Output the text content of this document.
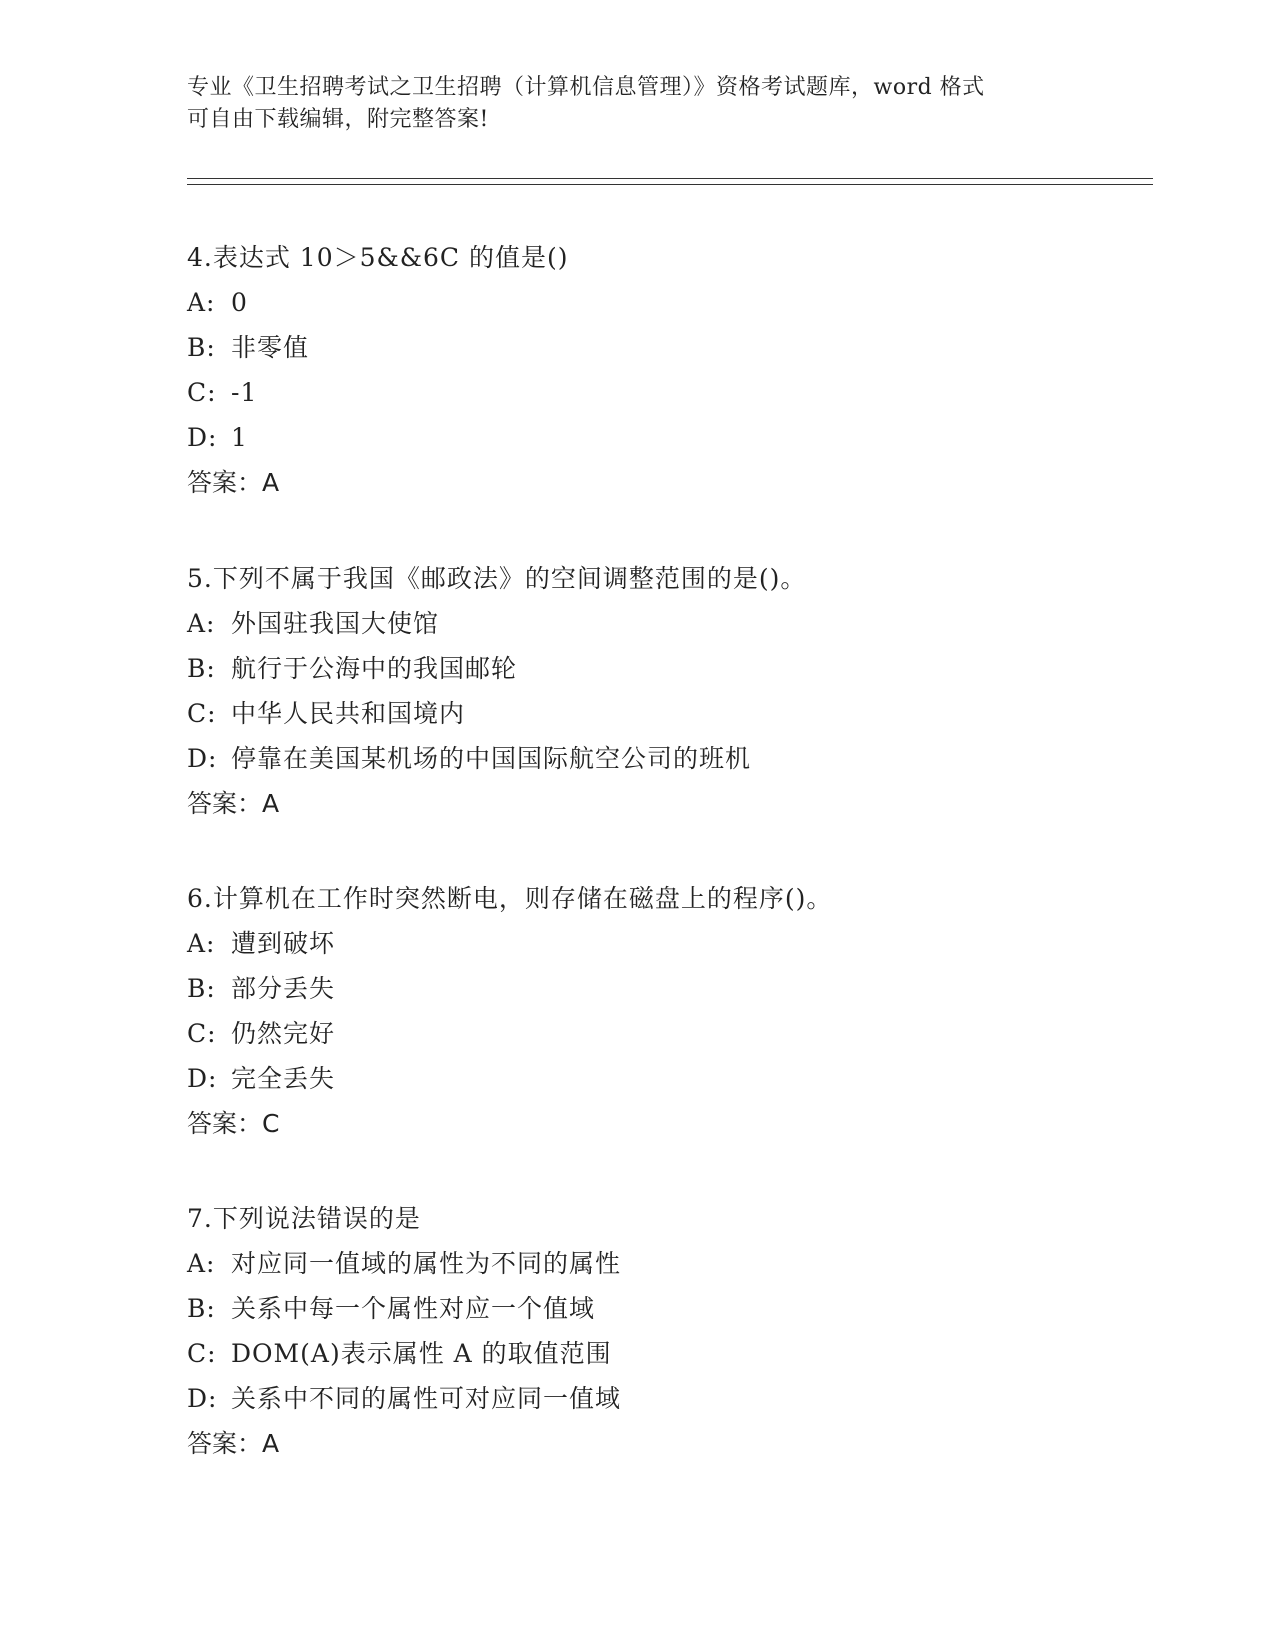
专业《卫生招聘考试之卫生招聘（计算机信息管理）》资格考试题库，word 格式
可自由下载编辑，附完整答案!
4.表达式 10＞5&&6C 的值是()
A: 0
B: 非零值
C: -1
D: 1
答案：A
5.下列不属于我国《邮政法》的空间调整范围的是()。
A: 外国驻我国大使馆
B: 航行于公海中的我国邮轮
C: 中华人民共和国境内
D: 停靠在美国某机场的中国国际航空公司的班机
答案：A
6.计算机在工作时突然断电，则存储在磁盘上的程序()。
A: 遭到破坏
B: 部分丢失
C: 仍然完好
D: 完全丢失
答案：C
7.下列说法错误的是
A: 对应同一值域的属性为不同的属性
B: 关系中每一个属性对应一个值域
C: DOM(A)表示属性 A 的取值范围
D: 关系中不同的属性可对应同一值域
答案：A
